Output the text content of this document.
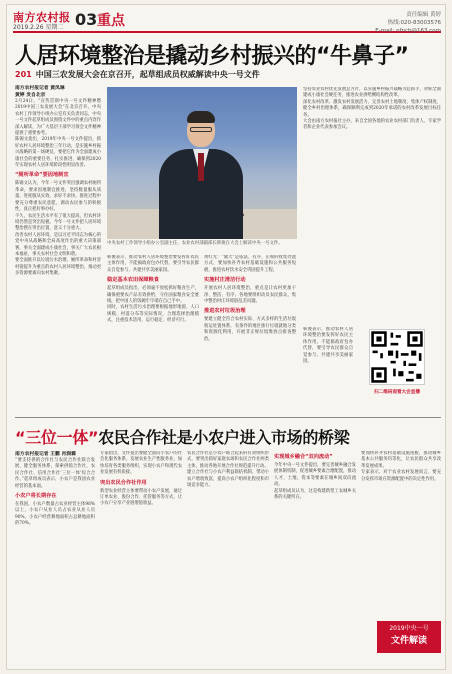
南方农村报
2019.2.26 星期二 03 重点	责任编辑 黄婷
热线:020-83003576
E-mail: nfncb@163.com
人居环境整治是撬动乡村振兴的“牛鼻子”
201 中国三农发展大会在京召开，起草组成员权威解读中央一号文件
南方农村报记者 黄凤琳
黄婷 发自北京

2月24日，“宣传贯彻中央一号文件精神暨2019中国三农发展大会”在北京召开。中央农村工作领导小组办公室有关负责同志，中央一号文件起草组成员围绕文件中的重点内容作深入解读，为广大基层干部学习领会文件精神提供了重要参考。

陈锡文指出，2019年中央一号文件提出，抓好农村人居环境整治三年行动，是实施乡村振兴战略的第一场硬仗，要把它作为全面建成小康社会的重要任务，扎实推进，确保到2020年实现农村人居环境阶段性明显改善。

“厕所革命”要因地制宜

陈锡文认为，今年一号文件突出强调农村厕所革命，要求因地制宜推进，坚持数量服从质量，进度服从实效，求好不求快。推进过程中要充分尊重农民意愿，调动农民参与的积极性，真正把好事办好。

不久，农民生活水平有了很大提高，但农村环境仍然是突出短板。今年一号文件把人居环境整治摆在突出位置，意义十分重大。

改善农村人居环境，是以习近平同志为核心的党中央从战略和全局高度作出的重大决策部署，事关全面建成小康社会，事关广大农民根本福祉，事关农村社会文明和谐。

要全面推开以垃圾污水治理、厕所革命和村容村貌提升为重点的农村人居环境整治，推动更多资源要素向农村集聚。

中央农村工作领导小组办公室副主任、农业农村部副部长韩俊在大会上解读中央一号文件。

韩俊表示，推动农村人居环境整治要发挥好农民主体作用，不能搞政府包办代替，要引导农民群众自觉参与、共建共享美丽家园。

稳定基本农田保障粮食

起草组成员指出，必须毫不放松抓好粮食生产，确保重要农产品有效供给，守住国家粮食安全底线，把中国人的饭碗牢牢端在自己手中。

同时，农村生活污水治理要根据地形地貌、人口规模、村落分布等实际情况，合理选择治理模式，注重技术适用、运行稳定、经济可行。

黄红光：“冀大”是依法、有序、正规的收集处置方式，要加快补齐农村基础设施和公共服务短板，推进农村饮水安全巩固提升工程。

实施村庄清洁行动

开展农村人居环境整治，重点是让农村更加干净、整洁、有序。各地要组织动员农民群众，集中整治村庄环境脏乱差问题。

推进农村垃圾治理

要建立健全符合农村实际、方式多样的生活垃圾收运处置体系，有条件的地区推行垃圾就地分类和资源化利用，开展非正规垃圾堆放点排查整治。

坚持农业农村优先发展总方针，以实施乡村振兴战略为总抓手，对标全面建成小康社会硬任务，推进农业供给侧结构性改革。

深化农村改革，激发农村发展活力，完善农村土地制度、集体产权制度，健全乡村治理体系，确保顺利完成到2020年承诺的农村改革发展目标任务。

大会由南方农村报社主办，来自全国各地的农业农村部门负责人、专家学者和企业代表参加会议。

韩俊表示，推动农村人居环境整治要发挥好农民主体作用，不能搞政府包办代替，要引导农民群众自觉参与、共建共享美丽家园。

扫二维码观看大会直播
“三位一体”农民合作社是小农户进入市场的桥梁
南方农村报记者 王鹏 肖润霖

“要支持供销合作社与农民合作社联合发展，健全服务体系，探索供销合作社、农民合作社、信用合作社‘三位一体’综合合作。”起草组成员表示，小农户是我国农业经营的基本面。

小农户将长期存在

在我国，小农户数量占农业经营主体98%以上，小农户从业人员占农业从业人员90%，小农户经营耕地面积占总耕地面积的70%。

专家指出，文件提出要健全面向小农户的社会化服务体系，发展农业生产性服务业，加快培育各类服务组织，实现小农户和现代农业发展有机衔接。

突出农民合作社作用

新型农业经营主体要带动小农户发展，通过订单农业、股份合作、托管服务等方式，让小农户分享产业链增值收益。

农民合作社是小农户联合起来的有效组织形式，要突出抓好家庭农场和农民合作社两类主体，推动各地开展合作社规范提升行动。

建立合作社与小农户利益联结机制，带动小农户增收致富，提高小农户组织化程度和市场竞争能力。

实现城乡融合“双向流动”

今年中央一号文件提出，要完善城乡融合发展体制机制，促进城乡要素合理配置，推动人才、土地、资本等要素在城乡间双向流动。

起草组成员认为，这是构建新型工农城乡关系的关键所在。

要加快补齐农村基础设施短板，推动城乡基本公共服务均等化，让农民群众共享改革发展成果。

专家表示，对于农业农村发展而言，要充分发挥市场在资源配置中的决定性作用。

2019中央一号
文件解读
